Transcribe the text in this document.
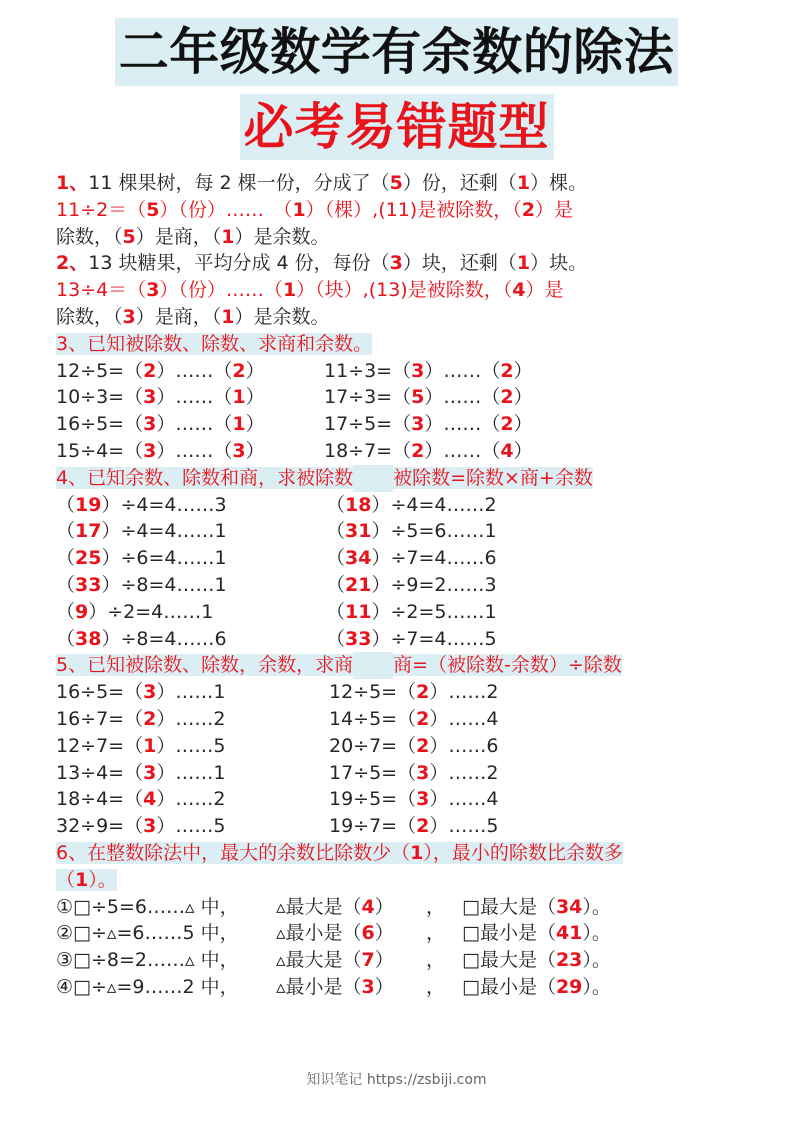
二年级数学有余数的除法
必考易错题型
1、11 棵果树，每 2 棵一份，分成了（5）份，还剩（1）棵。
11÷2＝（5）（份）……　（1）（棵）,(11)是被除数，（2）是
除数，（5）是商，（1）是余数。
2、13 块糖果，平均分成 4 份，每份（3）块，还剩（1）块。
13÷4＝（3）（份）……（1）（块）,(13)是被除数，（4）是
除数，（3）是商，（1）是余数。
3、已知被除数、除数、求商和余数。
12÷5=（2）……（2）	11÷3=（3）……（2）
10÷3=（3）……（1）	17÷3=（5）……（2）
16÷5=（3）……（1）	17÷5=（3）……（2）
15÷4=（3）……（3）	18÷7=（2）……（4）
4、已知余数、除数和商，求被除数 被除数=除数×商+余数
（19）÷4=4……3	（18）÷4=4……2
（17）÷4=4……1	（31）÷5=6……1
（25）÷6=4……1	（34）÷7=4……6
（33）÷8=4……1	（21）÷9=2……3
（9）÷2=4……1	（11）÷2=5……1
（38）÷8=4……6	（33）÷7=4……5
5、已知被除数、除数，余数，求商 商=（被除数-余数）÷除数
16÷5=（3）……1	12÷5=（2）……2
16÷7=（2）……2	14÷5=（2）……4
12÷7=（1）……5	20÷7=（2）……6
13÷4=（3）……1	17÷5=（3）……2
18÷4=（4）……2	19÷5=（3）……4
32÷9=（3）……5	19÷7=（2）……5
6、在整数除法中，最大的余数比除数少（1），最小的除数比余数多
（1）。
①□÷5=6……▵ 中， ▵最大是（4） ， □最大是（34）。
②□÷▵=6……5 中， ▵最小是（6） ， □最小是（41）。
③□÷8=2……▵ 中， ▵最大是（7） ， □最大是（23）。
④□÷▵=9……2 中， ▵最小是（3） ， □最小是（29）。
知识笔记 https://zsbiji.com
